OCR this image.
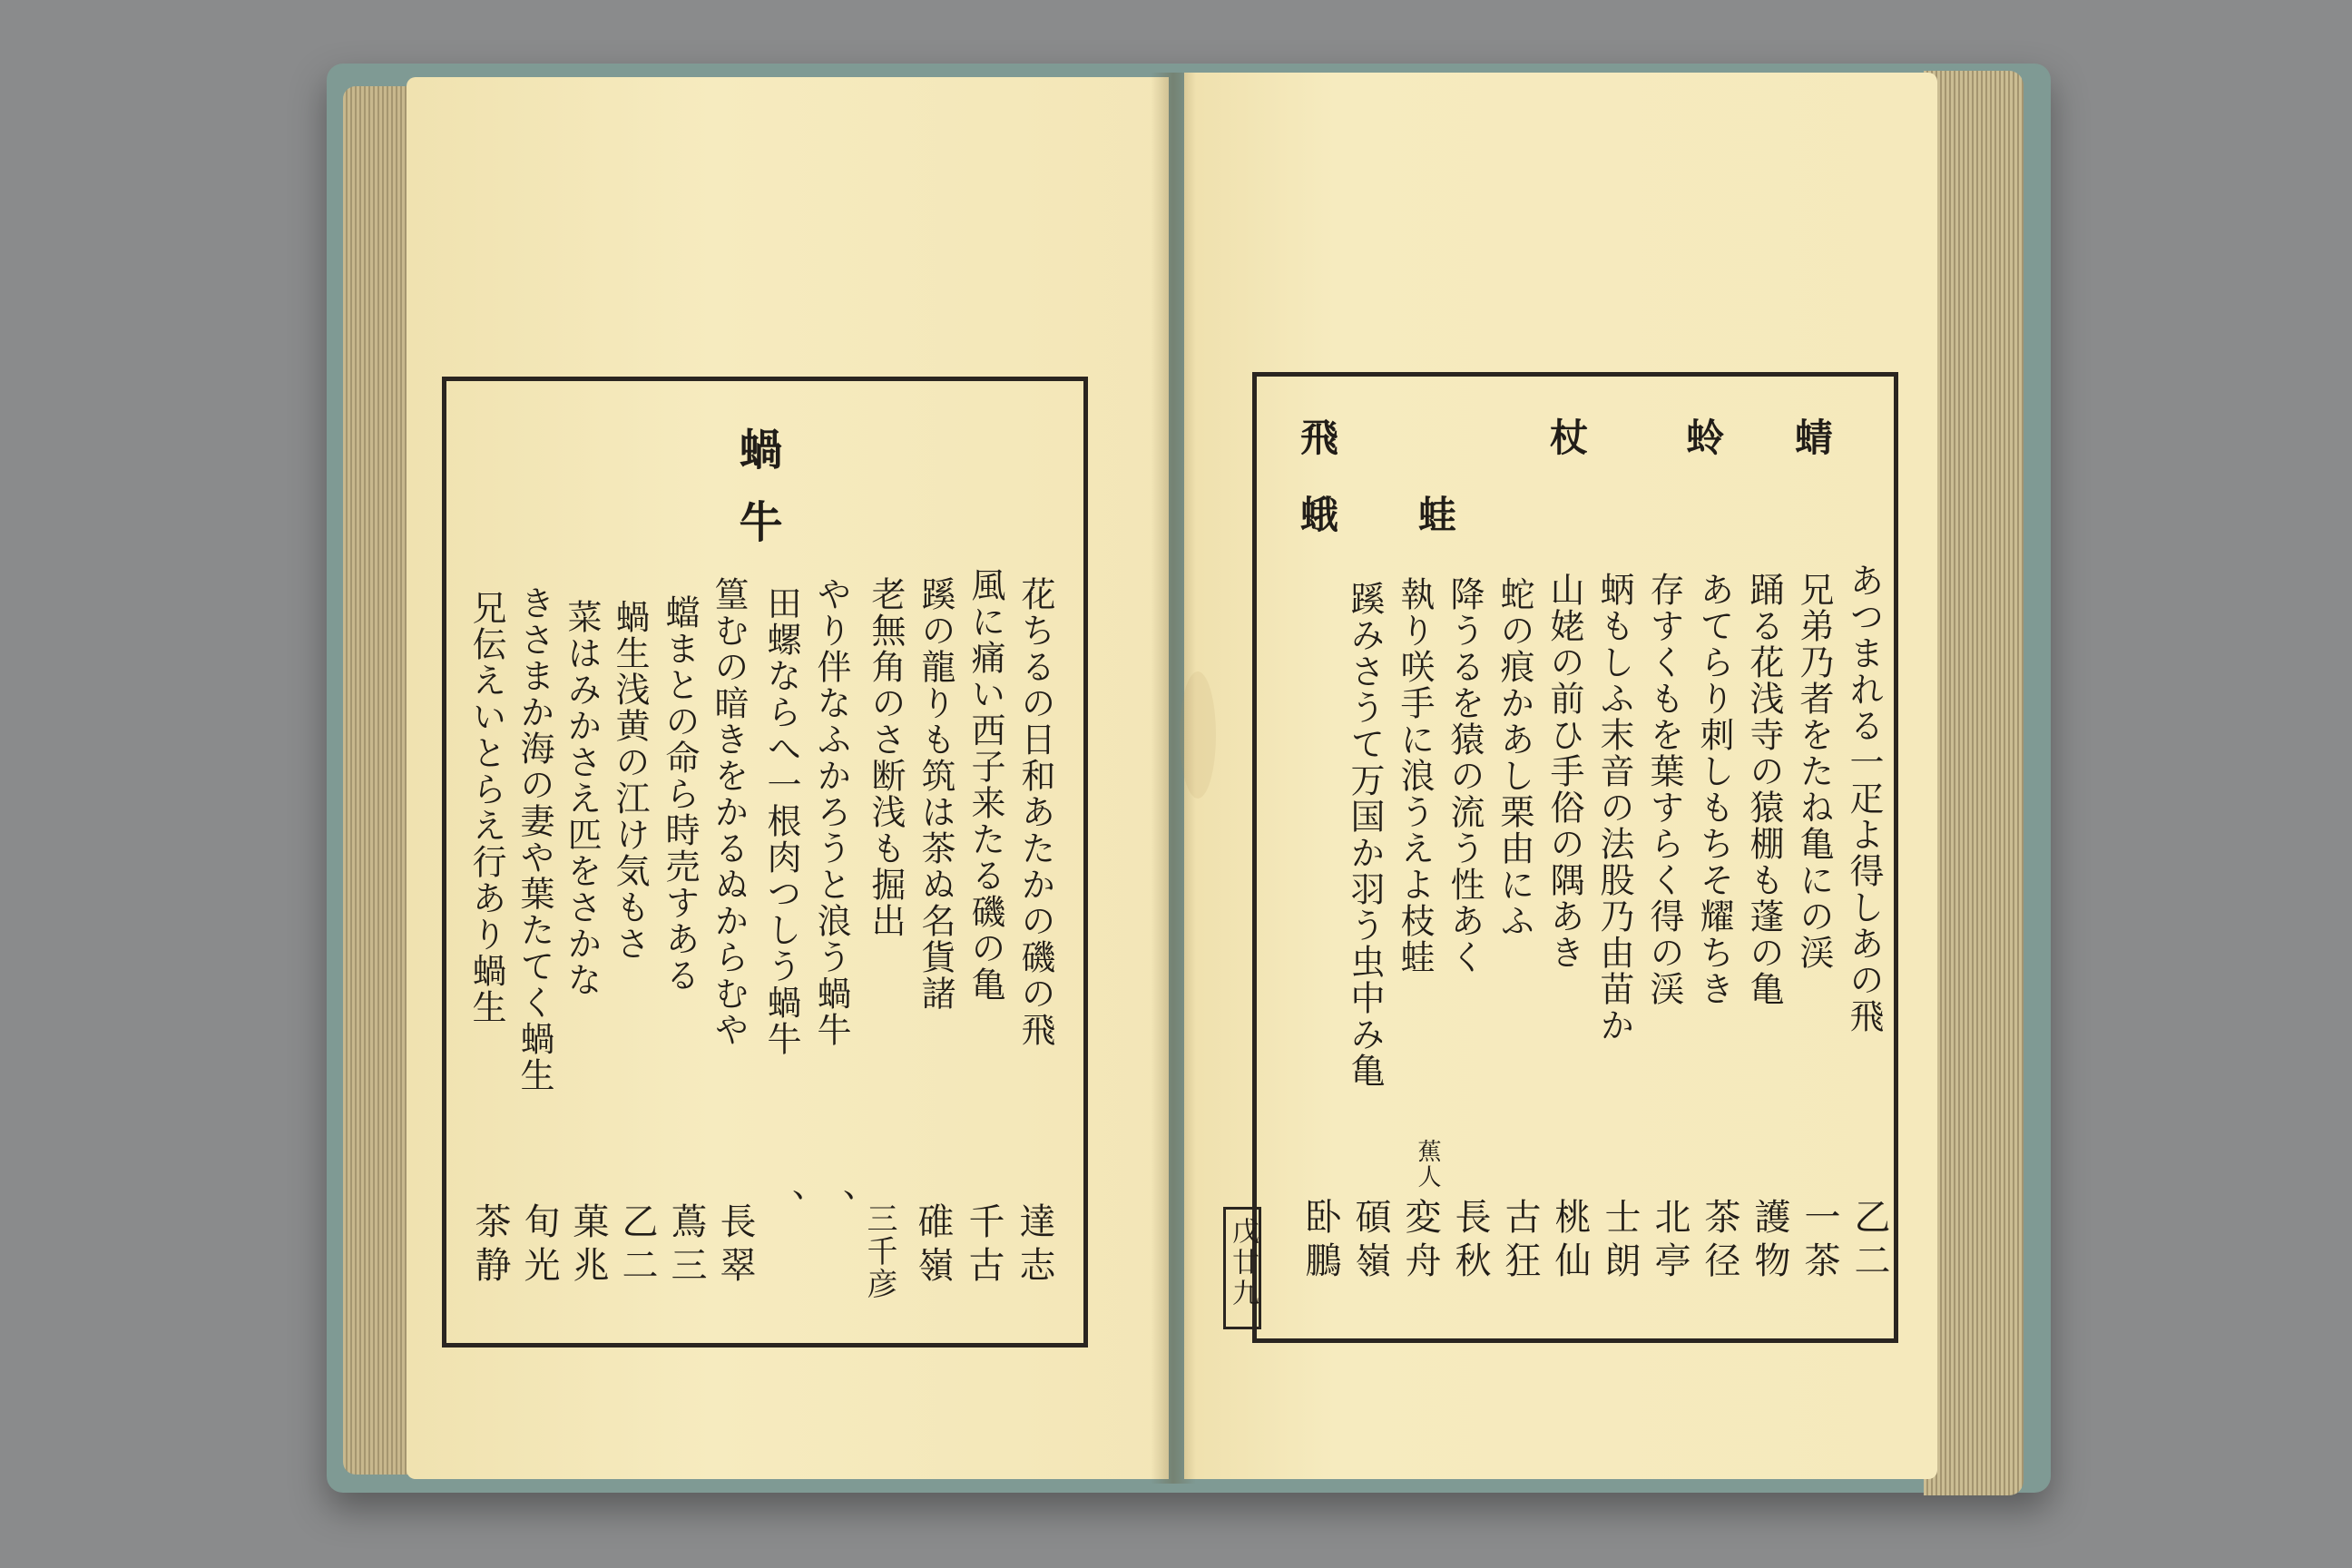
蝸
牛
花ちるの日和あたかの磯の飛
風に痛い西子来たる磯の亀
蹊の龍りも筑は茶ぬ名貨諸
老無角のさ断浅も掘出
やり伴なふかろうと浪う蝸牛
田螺ならへ一根肉つしう蝸牛
篁むの暗きをかるぬからむや
蟷まとの命ら時売すある
蝸生浅黄の江け気もさ
菜はみかさえ匹をさかな
きさまか海の妻や葉たてく蝸生
兄伝えいとらえ行あり蝸生
達志
千古
碓嶺
三千彦
、
、
長翠
蔦三
乙二
菓兆
旬光
茶静
蜻
蛉
杖
飛
蛙
蛾
あつまれる一疋よ得しあの飛
兄弟乃者をたね亀にの渓
踊る花浅寺の猿棚も蓬の亀
あてらり刺しもちそ耀ちき
存すくもを葉すらく得の渓
蛃もしふ末音の法股乃由苗か
山姥の前ひ手俗の隅あき
蛇の痕かあし栗由にふ
降うるを猿の流う性あく
執り咲手に浪うえよ枝蛙
蹊みさうて万国か羽う虫中み亀
蕉人
乙二
一茶
護物
茶径
北亭
士朗
桃仙
古狂
長秋
変舟
碩嶺
卧鵬
戊廿九
